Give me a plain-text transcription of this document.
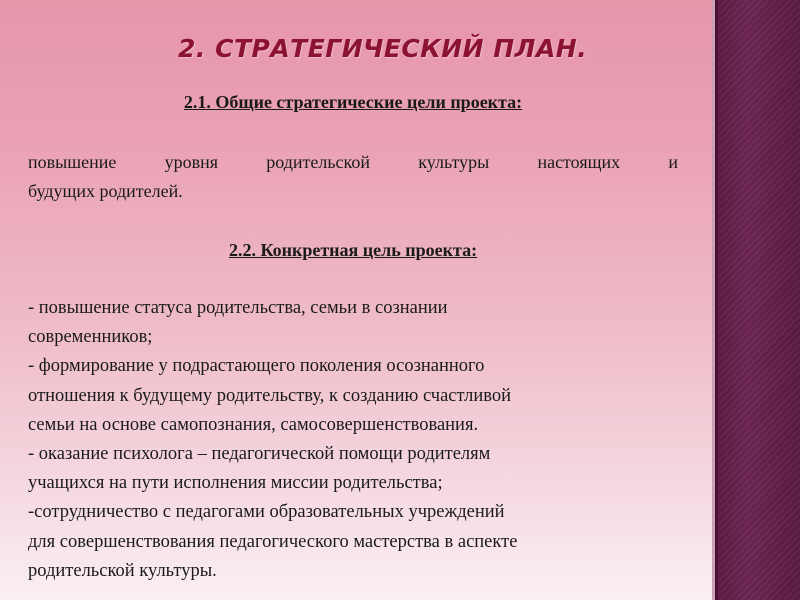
2. СТРАТЕГИЧЕСКИЙ ПЛАН.
2.1. Общие стратегические цели проекта:

повышение уровня родительской культуры настоящих и
будущих родителей.

2.2. Конкретная цель проекта:
- повышение статуса родительства, семьи в сознании
современников;
- формирование у подрастающего поколения осознанного
отношения к будущему родительству, к созданию счастливой
семьи на основе самопознания, самосовершенствования.
- оказание психолога – педагогической помощи родителям
учащихся на пути исполнения миссии родительства;
-сотрудничество с педагогами образовательных учреждений
для совершенствования педагогического мастерства в аспекте
родительской культуры.
